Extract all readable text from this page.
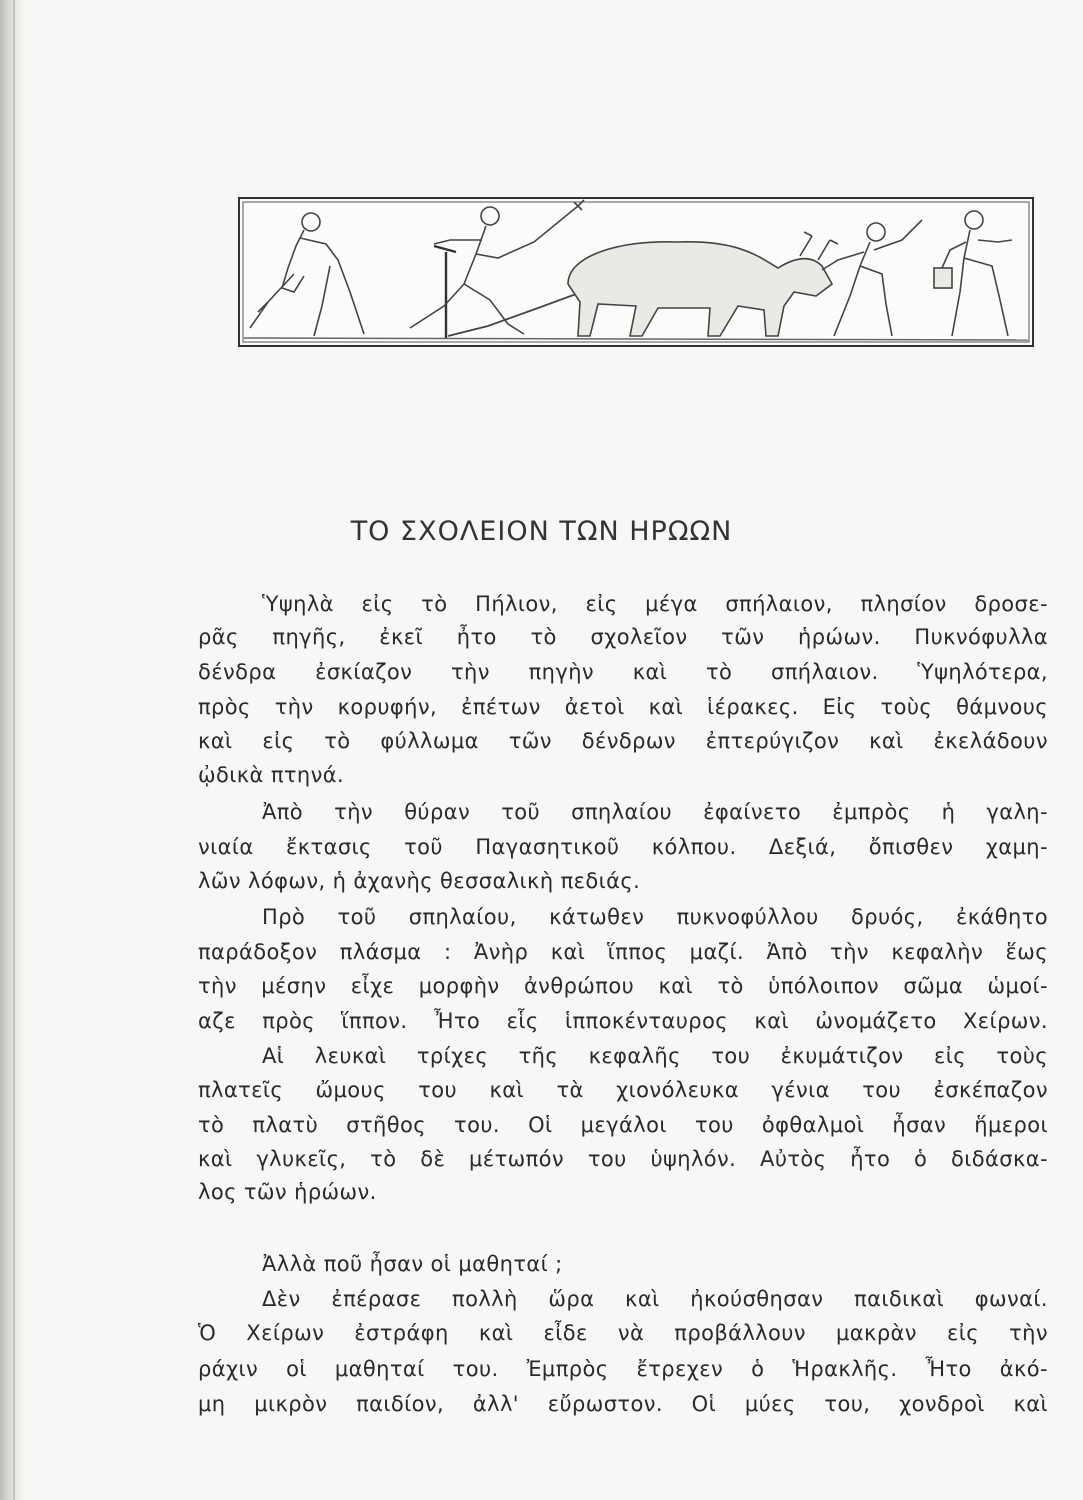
ΤΟ ΣΧΟΛΕΙΟΝ ΤΩΝ ΗΡΩΩΝ
Ὑψηλὰ εἰς τὸ Πήλιον, εἰς μέγα σπήλαιον, πλησίον δροσε-
ρᾶς πηγῆς, ἐκεῖ ἦτο τὸ σχολεῖον τῶν ἡρώων. Πυκνόφυλλα
δένδρα ἐσκίαζον τὴν πηγὴν καὶ τὸ σπήλαιον. Ὑψηλότερα,
πρὸς τὴν κορυφήν, ἐπέτων ἀετοὶ καὶ ἱέρακες. Εἰς τοὺς θάμνους
καὶ εἰς τὸ φύλλωμα τῶν δένδρων ἐπτερύγιζον καὶ ἐκελάδουν
ᾠδικὰ πτηνά.
Ἀπὸ τὴν θύραν τοῦ σπηλαίου ἐφαίνετο ἐμπρὸς ἡ γαλη-
νιαία ἔκτασις τοῦ Παγασητικοῦ κόλπου. Δεξιά, ὄπισθεν χαμη-
λῶν λόφων, ἡ ἀχανὴς θεσσαλικὴ πεδιάς.
Πρὸ τοῦ σπηλαίου, κάτωθεν πυκνοφύλλου δρυός, ἐκάθητο
παράδοξον πλάσμα : Ἀνὴρ καὶ ἵππος μαζί. Ἀπὸ τὴν κεφαλὴν ἕως
τὴν μέσην εἶχε μορφὴν ἀνθρώπου καὶ τὸ ὑπόλοιπον σῶμα ὡμοί-
αζε πρὸς ἵππον. Ἦτο εἷς ἱπποκένταυρος καὶ ὠνομάζετο Χείρων.
Αἱ λευκαὶ τρίχες τῆς κεφαλῆς του ἐκυμάτιζον εἰς τοὺς
πλατεῖς ὤμους του καὶ τὰ χιονόλευκα γένια του ἐσκέπαζον
τὸ πλατὺ στῆθος του. Οἱ μεγάλοι του ὀφθαλμοὶ ἦσαν ἥμεροι
καὶ γλυκεῖς, τὸ δὲ μέτωπόν του ὑψηλόν. Αὐτὸς ἦτο ὁ διδάσκα-
λος τῶν ἡρώων.
Ἀλλὰ ποῦ ἦσαν οἱ μαθηταί ;
Δὲν ἐπέρασε πολλὴ ὥρα καὶ ἠκούσθησαν παιδικαὶ φωναί.
Ὁ Χείρων ἐστράφη καὶ εἶδε νὰ προβάλλουν μακρὰν εἰς τὴν
ράχιν οἱ μαθηταί του. Ἐμπρὸς ἔτρεχεν ὁ Ἡρακλῆς. Ἦτο ἀκό-
μη μικρὸν παιδίον, ἀλλ' εὔρωστον. Οἱ μύες του, χονδροὶ καὶ
